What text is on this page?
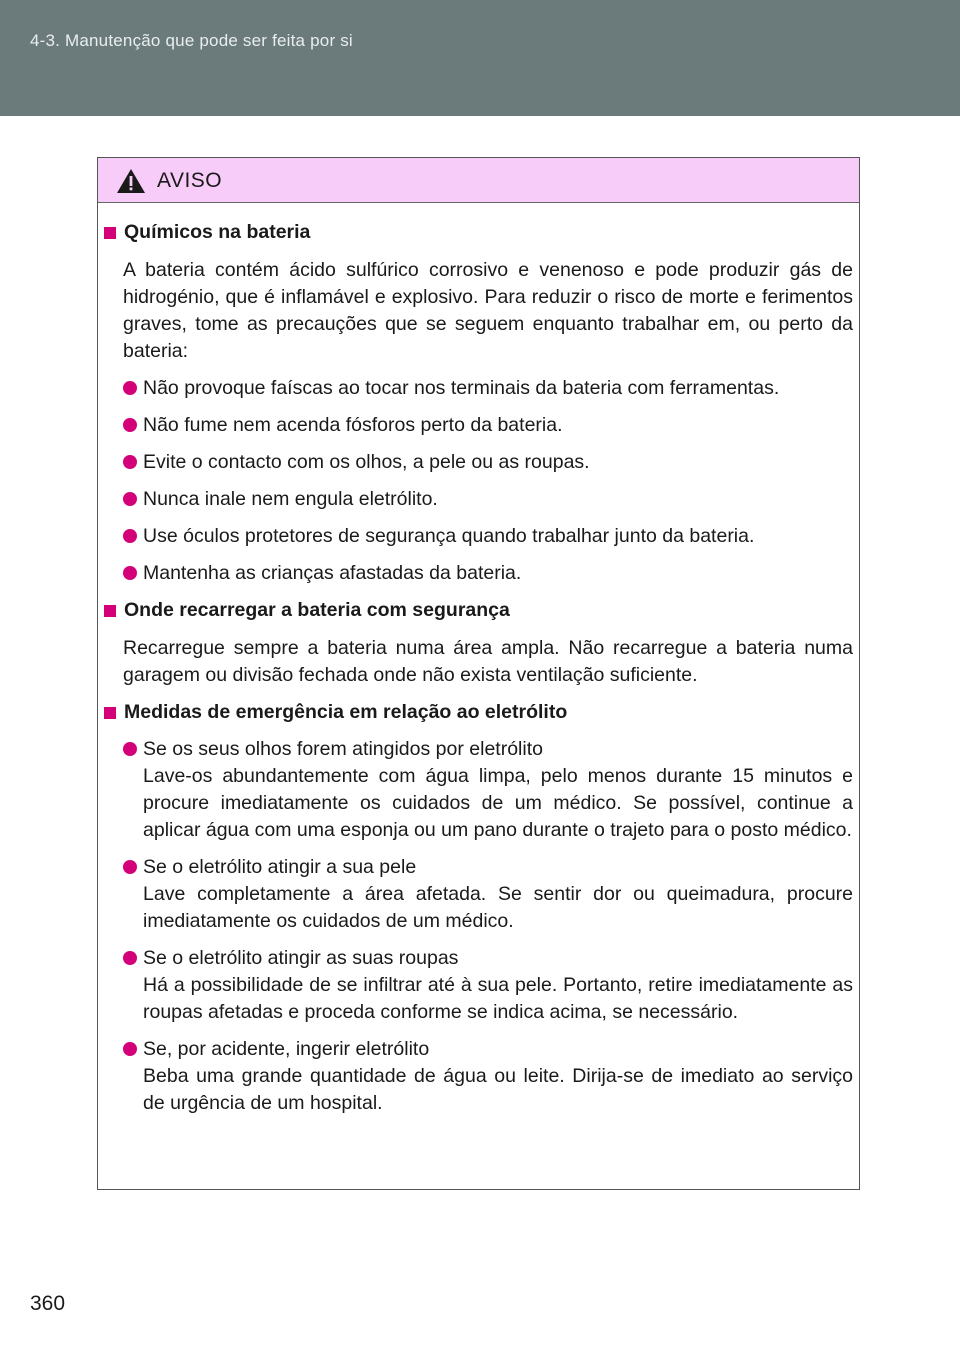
4-3. Manutenção que pode ser feita por si
AVISO
Químicos na bateria
A bateria contém ácido sulfúrico corrosivo e venenoso e pode produzir gás de hidrogénio, que é inflamável e explosivo. Para reduzir o risco de morte e ferimentos graves, tome as precauções que se seguem enquanto trabalhar em, ou perto da bateria:
Não provoque faíscas ao tocar nos terminais da bateria com ferramentas.
Não fume nem acenda fósforos perto da bateria.
Evite o contacto com os olhos, a pele ou as roupas.
Nunca inale nem engula eletrólito.
Use óculos protetores de segurança quando trabalhar junto da bateria.
Mantenha as crianças afastadas da bateria.
Onde recarregar a bateria com segurança
Recarregue sempre a bateria numa área ampla. Não recarregue a bateria numa garagem ou divisão fechada onde não exista ventilação suficiente.
Medidas de emergência em relação ao eletrólito
Se os seus olhos forem atingidos por eletrólito
Lave-os abundantemente com água limpa, pelo menos durante 15 minutos e procure imediatamente os cuidados de um médico. Se possível, continue a aplicar água com uma esponja ou um pano durante o trajeto para o posto médico.
Se o eletrólito atingir a sua pele
Lave completamente a área afetada. Se sentir dor ou queimadura, procure imediatamente os cuidados de um médico.
Se o eletrólito atingir as suas roupas
Há a possibilidade de se infiltrar até à sua pele. Portanto, retire imediatamente as roupas afetadas e proceda conforme se indica acima, se necessário.
Se, por acidente, ingerir eletrólito
Beba uma grande quantidade de água ou leite. Dirija-se de imediato ao serviço de urgência de um hospital.
360
